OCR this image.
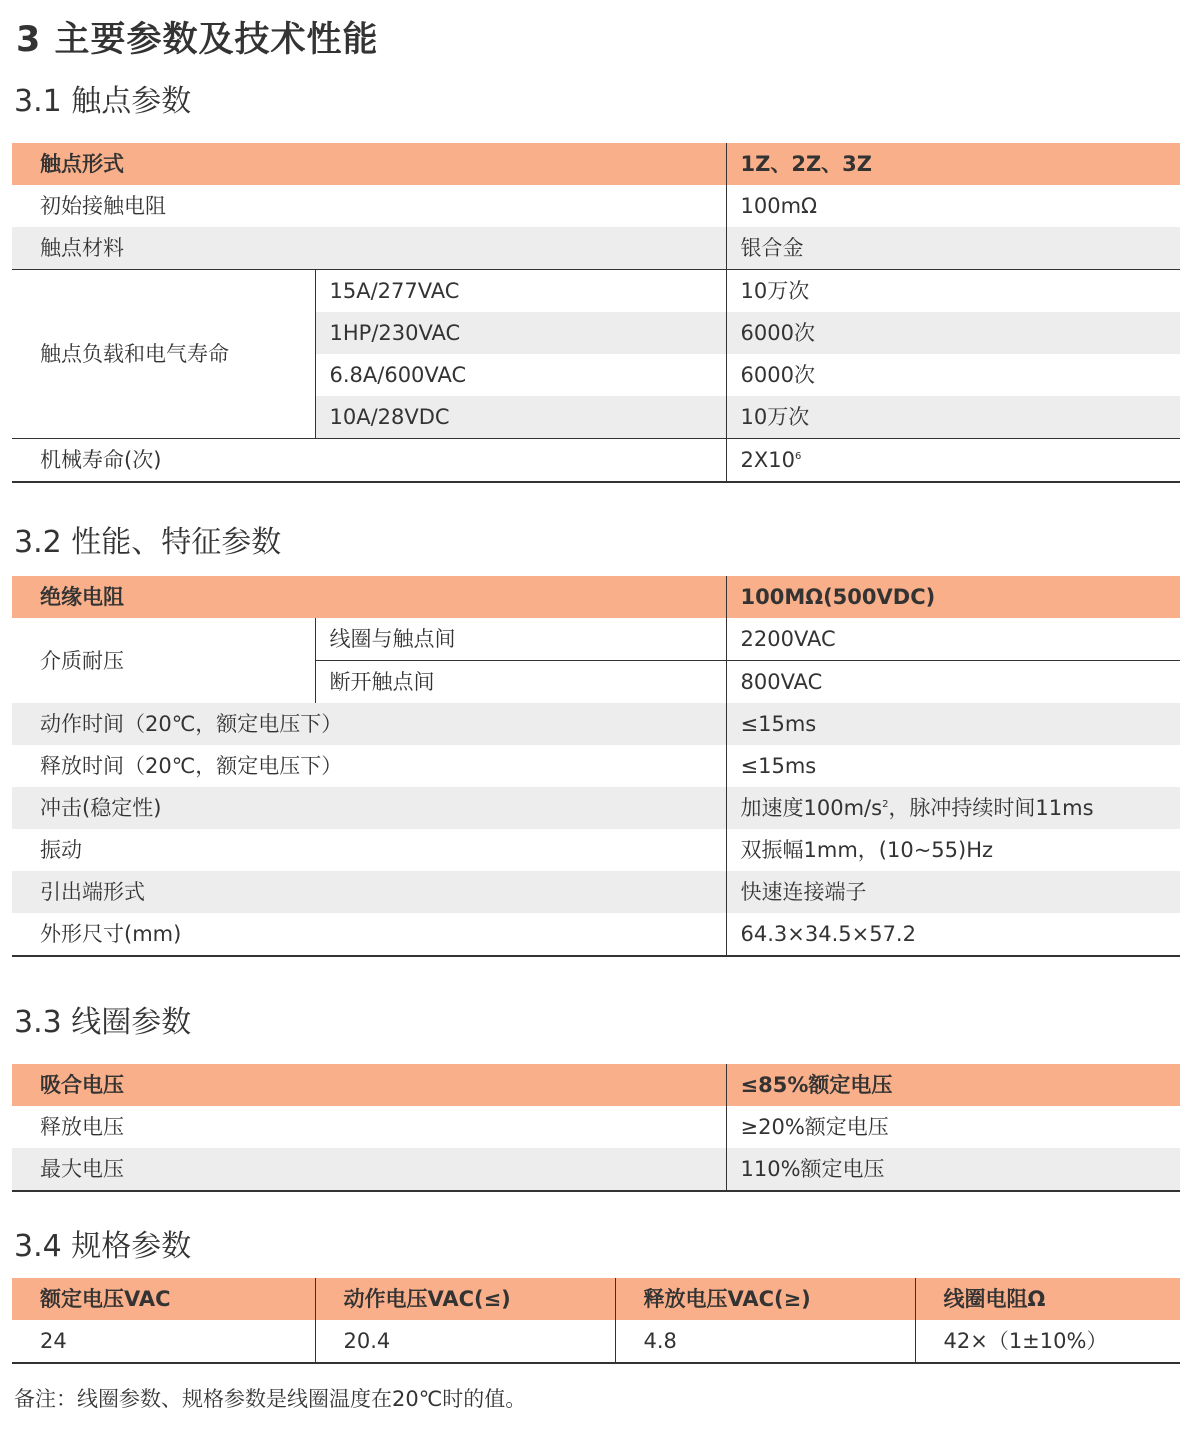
3 主要参数及技术性能
3.1 触点参数
触点形式		1Z、2Z、3Z
初始接触电阻		100mΩ
触点材料		银合金
触点负载和电气寿命	15A/277VAC	10万次
	1HP/230VAC	6000次
	6.8A/600VAC	6000次
	10A/28VDC	10万次
机械寿命(次)		$2X10^6$
3.2 性能、特征参数
绝缘电阻		100MΩ(500VDC)
介质耐压	线圈与触点间	2200VAC
	断开触点间	800VAC
动作时间（20℃，额定电压下）		≤15ms
释放时间（20℃，额定电压下）		≤15ms
冲击(稳定性)		加速度$100m/s^2$，脉冲持续时间11ms
振动		双振幅1mm，(10~55)Hz
引出端形式		快速连接端子
外形尺寸(mm)		64.3×34.5×57.2
3.3 线圈参数
吸合电压	≤85%额定电压
释放电压	≥20%额定电压
最大电压	110%额定电压
3.4 规格参数
额定电压VAC	动作电压VAC(≤)	释放电压VAC(≥)	线圈电阻Ω
24	20.4	4.8	42×（1±10%）
备注：线圈参数、规格参数是线圈温度在20℃时的值。
